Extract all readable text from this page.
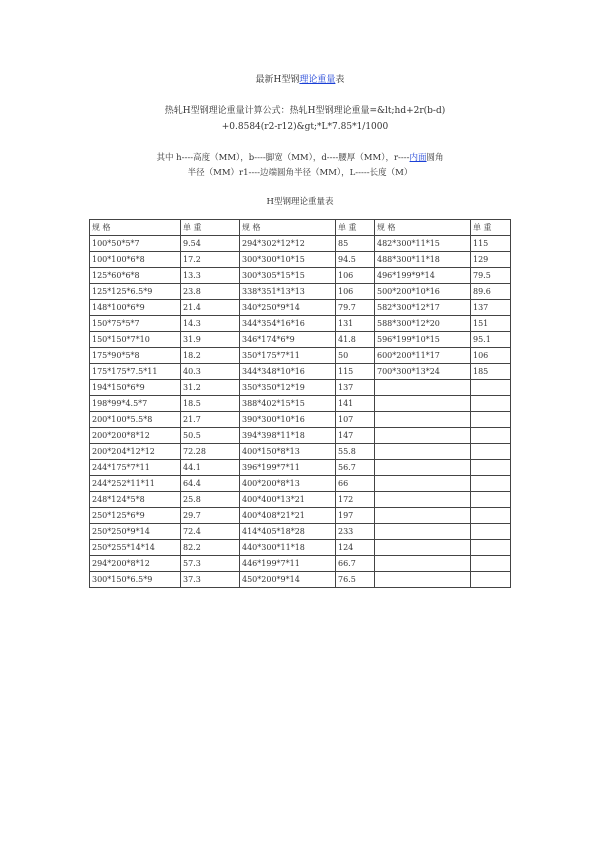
最新H型钢理论重量表
热轧H型钢理论重量计算公式：热轧H型钢理论重量=&lt;hd+2r(b-d)
+0.8584(r2-r12)&gt;*L*7.85*1/1000
其中 h----高度（MM），b----脚宽（MM），d----腰厚（MM），r----内面圆角
半径（MM）r1----边端圆角半径（MM），L-----长度（M）
H型钢理论重量表
规 格	单 重	规 格	单 重	规 格	单 重
100*50*5*7	9.54	294*302*12*12	85	482*300*11*15	115
100*100*6*8	17.2	300*300*10*15	94.5	488*300*11*18	129
125*60*6*8	13.3	300*305*15*15	106	496*199*9*14	79.5
125*125*6.5*9	23.8	338*351*13*13	106	500*200*10*16	89.6
148*100*6*9	21.4	340*250*9*14	79.7	582*300*12*17	137
150*75*5*7	14.3	344*354*16*16	131	588*300*12*20	151
150*150*7*10	31.9	346*174*6*9	41.8	596*199*10*15	95.1
175*90*5*8	18.2	350*175*7*11	50	600*200*11*17	106
175*175*7.5*11	40.3	344*348*10*16	115	700*300*13*24	185
194*150*6*9	31.2	350*350*12*19	137		
198*99*4.5*7	18.5	388*402*15*15	141		
200*100*5.5*8	21.7	390*300*10*16	107		
200*200*8*12	50.5	394*398*11*18	147		
200*204*12*12	72.28	400*150*8*13	55.8		
244*175*7*11	44.1	396*199*7*11	56.7		
244*252*11*11	64.4	400*200*8*13	66		
248*124*5*8	25.8	400*400*13*21	172		
250*125*6*9	29.7	400*408*21*21	197		
250*250*9*14	72.4	414*405*18*28	233		
250*255*14*14	82.2	440*300*11*18	124		
294*200*8*12	57.3	446*199*7*11	66.7		
300*150*6.5*9	37.3	450*200*9*14	76.5		
